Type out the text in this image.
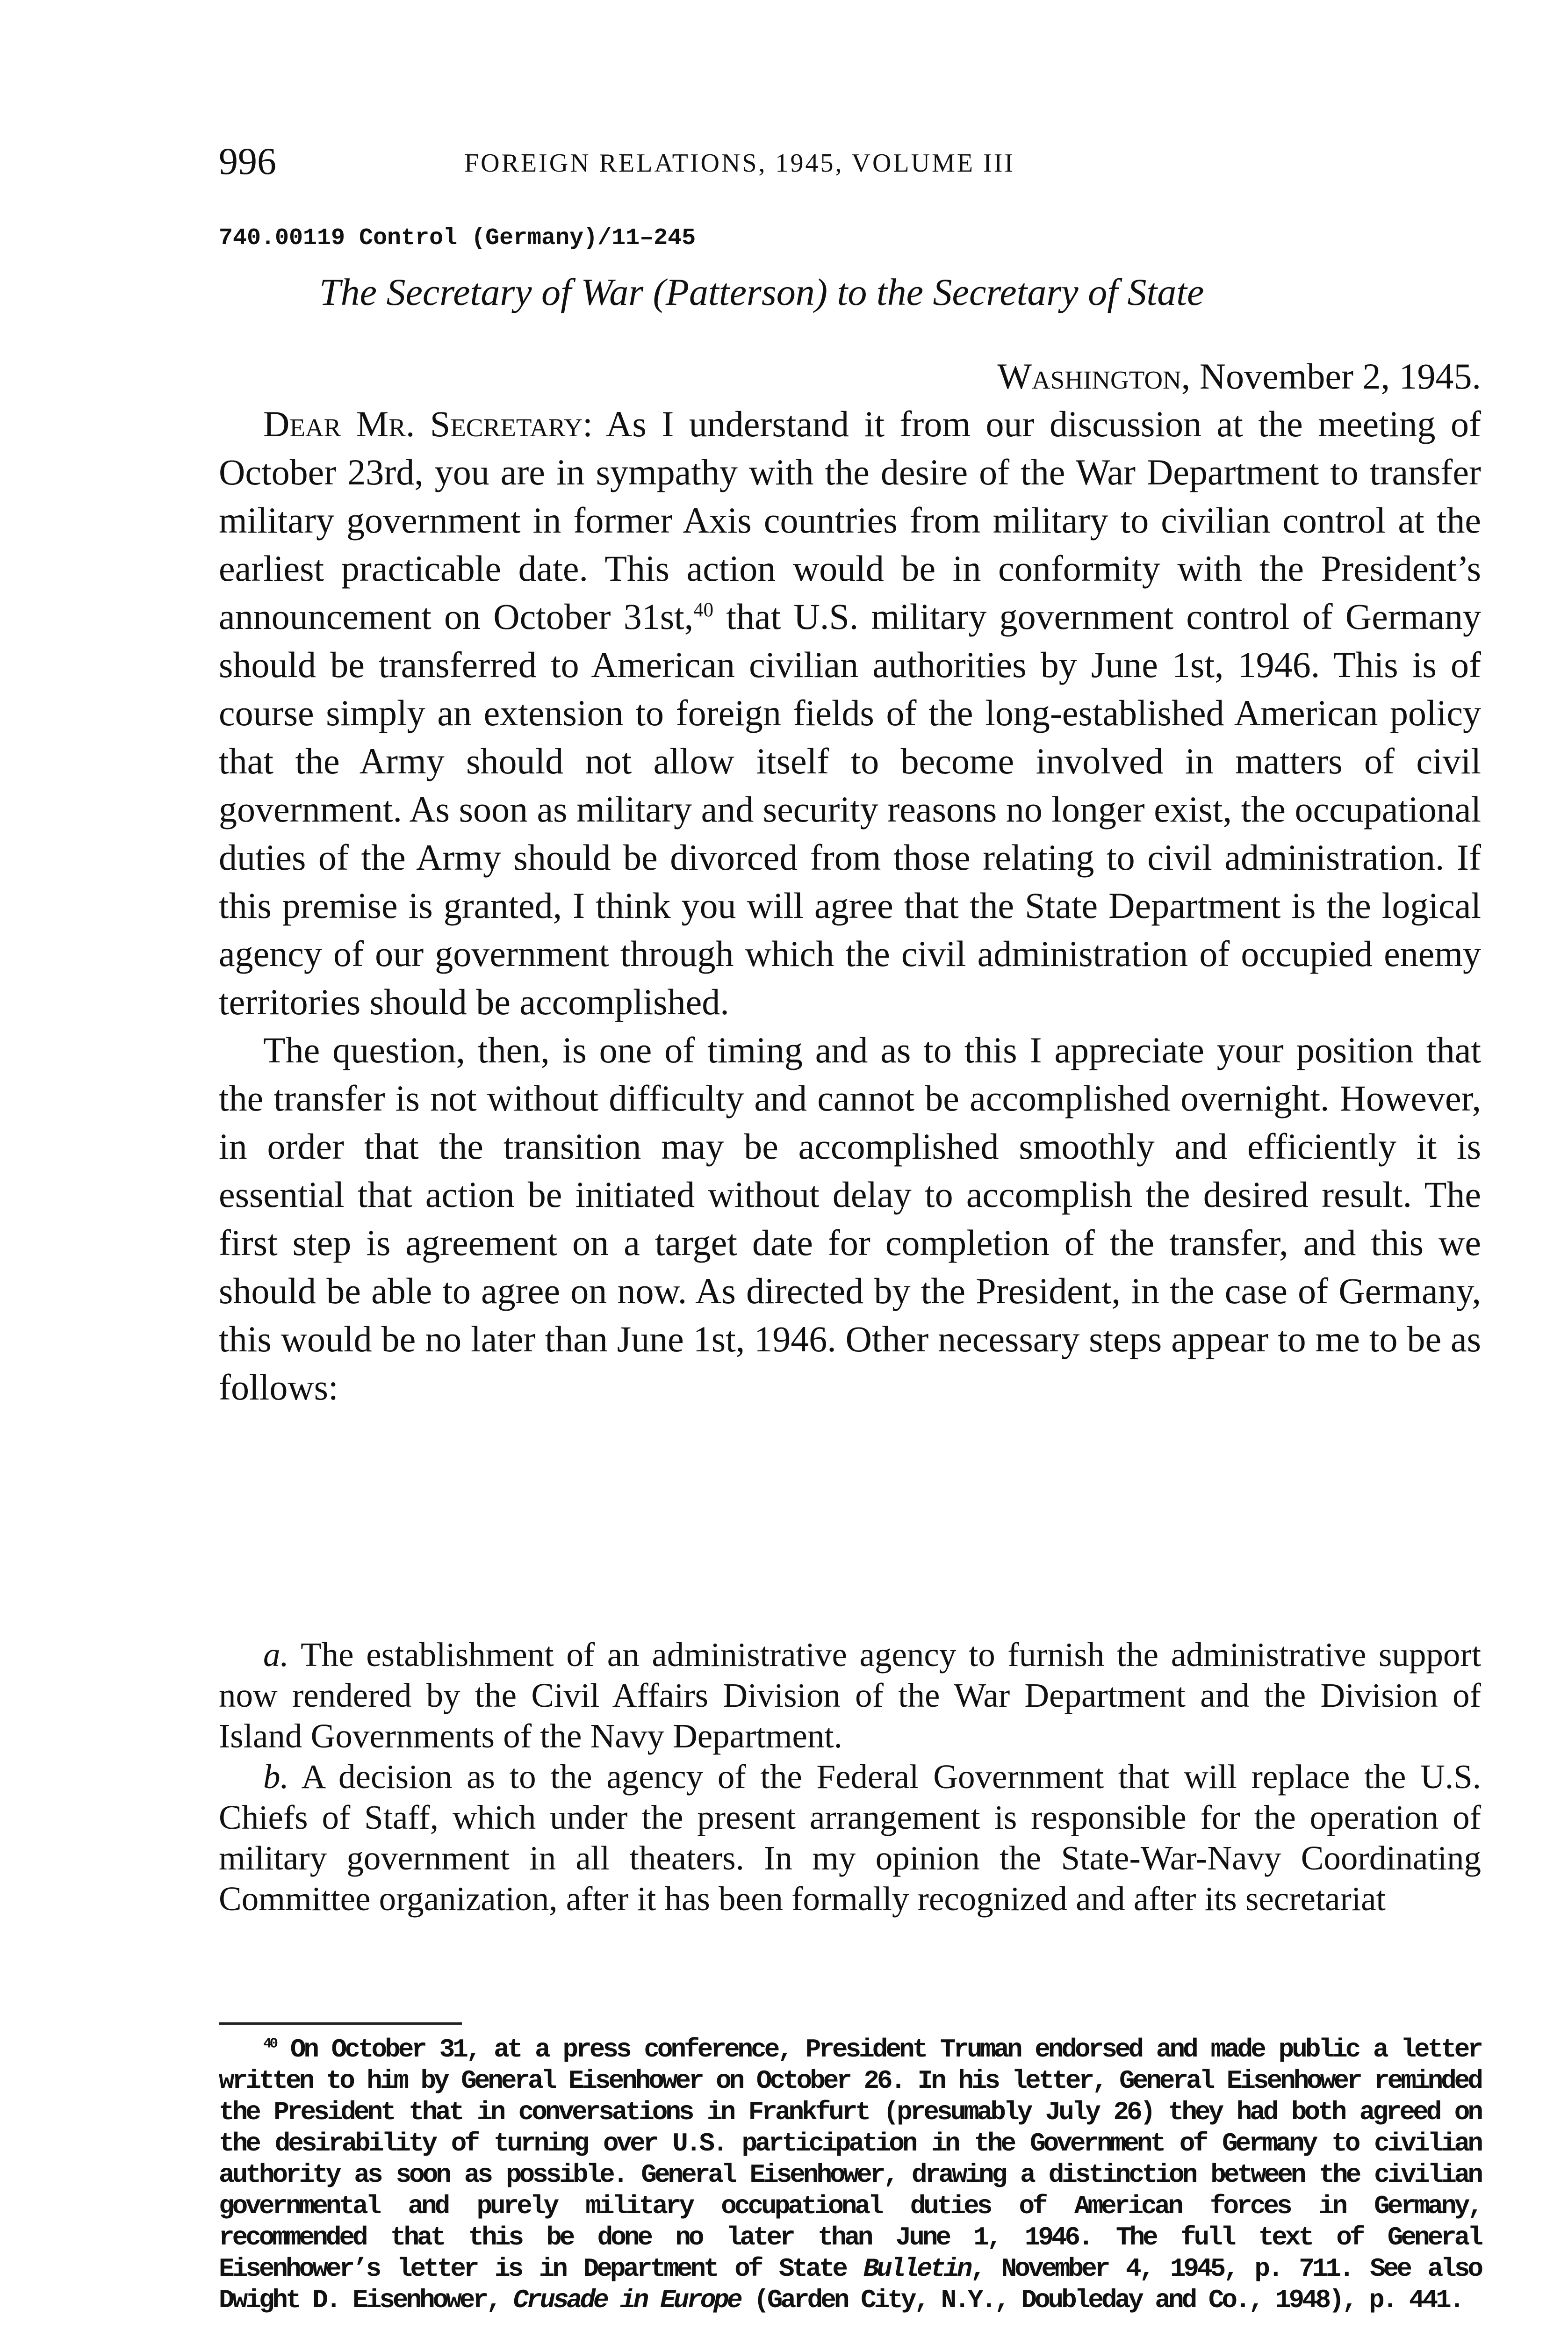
996	FOREIGN RELATIONS, 1945, VOLUME III
740.00119 Control (Germany)/11–245
The Secretary of War (Patterson) to the Secretary of State
Washington, November 2, 1945.

Dear Mr. Secretary: As I understand it from our discussion at the meeting of October 23rd, you are in sympathy with the desire of the War Department to transfer military government in former Axis countries from military to civilian control at the earliest practicable date. This action would be in conformity with the President’s announcement on October 31st,$^{40}$ that U.S. military government control of Germany should be transferred to American civilian authorities by June 1st, 1946. This is of course simply an extension to foreign fields of the long-established American policy that the Army should not allow itself to become involved in matters of civil government. As soon as military and security reasons no longer exist, the occupational duties of the Army should be divorced from those relating to civil administration. If this premise is granted, I think you will agree that the State Department is the logical agency of our government through which the civil administration of occupied enemy territories should be accomplished.

The question, then, is one of timing and as to this I appreciate your position that the transfer is not without difficulty and cannot be accomplished overnight. However, in order that the transition may be accomplished smoothly and efficiently it is essential that action be initiated without delay to accomplish the desired result. The first step is agreement on a target date for completion of the transfer, and this we should be able to agree on now. As directed by the President, in the case of Germany, this would be no later than June 1st, 1946. Other necessary steps appear to me to be as follows:

a. The establishment of an administrative agency to furnish the administrative support now rendered by the Civil Affairs Division of the War Department and the Division of Island Governments of the Navy Department.

b. A decision as to the agency of the Federal Government that will replace the U.S. Chiefs of Staff, which under the present arrangement is responsible for the operation of military government in all theaters. In my opinion the State-War-Navy Coordinating Committee organization, after it has been formally recognized and after its secretariat

$^{40}$ On October 31, at a press conference, President Truman endorsed and made public a letter written to him by General Eisenhower on October 26. In his letter, General Eisenhower reminded the President that in conversations in Frankfurt (presumably July 26) they had both agreed on the desirability of turning over U.S. participation in the Government of Germany to civilian authority as soon as possible. General Eisenhower, drawing a distinction between the civilian governmental and purely military occupational duties of American forces in Germany, recommended that this be done no later than June 1, 1946. The full text of General Eisenhower’s letter is in Department of State Bulletin, November 4, 1945, p. 711. See also Dwight D. Eisenhower, Crusade in Europe (Garden City, N.Y., Doubleday and Co., 1948), p. 441.
